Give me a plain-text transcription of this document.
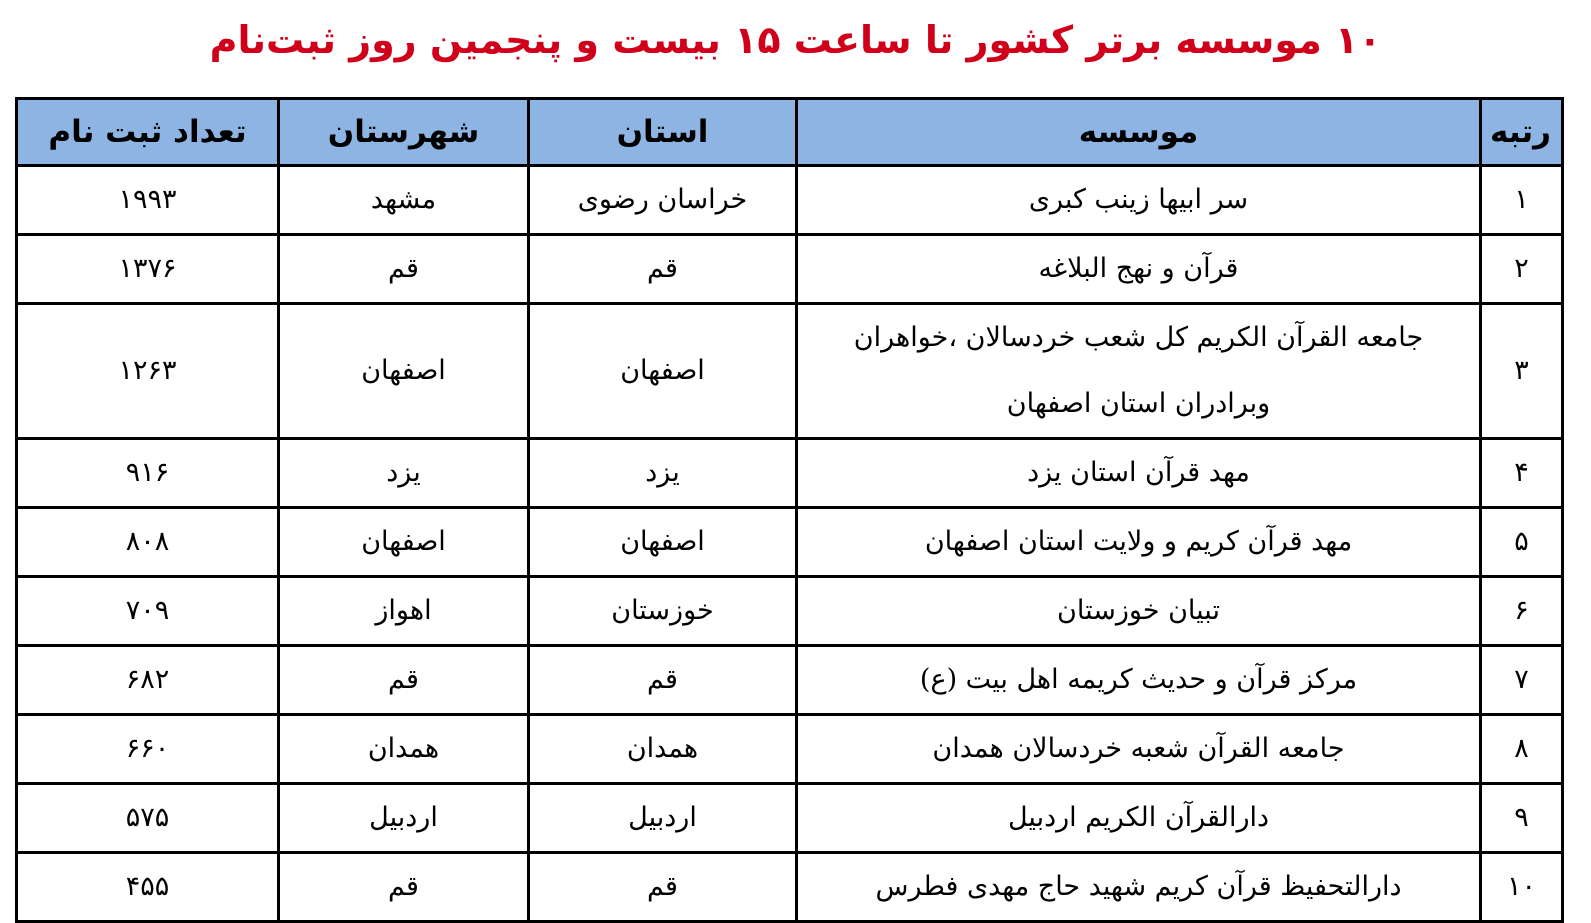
۱۰ موسسه برتر کشور تا ساعت ۱۵ بیست و پنجمین روز ثبت‌نام
رتبه	موسسه	استان	شهرستان	تعداد ثبت نام
۱	سر ابیها زینب کبری	خراسان رضوی	مشهد	۱۹۹۳
۲	قرآن و نهج البلاغه	قم	قم	۱۳۷۶
۳	جامعه القرآن الکریم کل شعب خردسالان ،خواهران وبرادران استان اصفهان	اصفهان	اصفهان	۱۲۶۳
۴	مهد قرآن استان یزد	یزد	یزد	۹۱۶
۵	مهد قرآن کریم و ولایت استان اصفهان	اصفهان	اصفهان	۸۰۸
۶	تبیان خوزستان	خوزستان	اهواز	۷۰۹
۷	مرکز قرآن و حدیث کریمه اهل بیت (ع)	قم	قم	۶۸۲
۸	جامعه القرآن شعبه خردسالان همدان	همدان	همدان	۶۶۰
۹	دارالقرآن الکریم اردبیل	اردبیل	اردبیل	۵۷۵
۱۰	دارالتحفیظ قرآن کریم شهید حاج مهدی فطرس	قم	قم	۴۵۵
